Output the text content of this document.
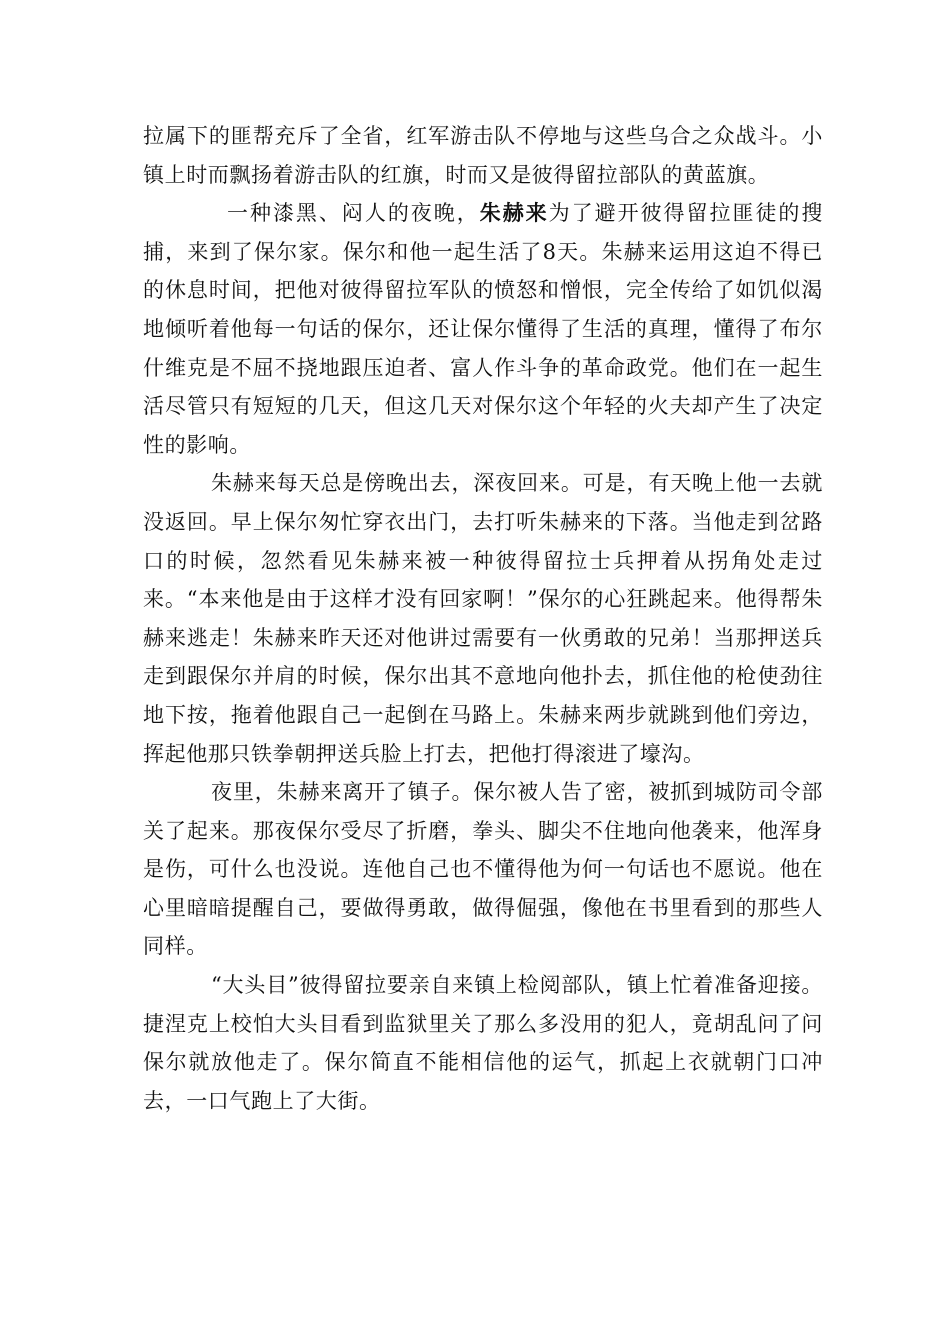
拉属下的匪帮充斥了全省，红军游击队不停地与这些乌合之众战斗。小镇上时而飘扬着游击队的红旗，时而又是彼得留拉部队的黄蓝旗。

一种漆黑、闷人的夜晚，朱赫来为了避开彼得留拉匪徒的搜捕，来到了保尔家。保尔和他一起生活了8天。朱赫来运用这迫不得已的休息时间，把他对彼得留拉军队的愤怒和憎恨，完全传给了如饥似渴地倾听着他每一句话的保尔，还让保尔懂得了生活的真理，懂得了布尔什维克是不屈不挠地跟压迫者、富人作斗争的革命政党。他们在一起生活尽管只有短短的几天，但这几天对保尔这个年轻的火夫却产生了决定性的影响。

朱赫来每天总是傍晚出去，深夜回来。可是，有天晚上他一去就没返回。早上保尔匆忙穿衣出门，去打听朱赫来的下落。当他走到岔路口的时候，忽然看见朱赫来被一种彼得留拉士兵押着从拐角处走过来。“本来他是由于这样才没有回家啊！”保尔的心狂跳起来。他得帮朱赫来逃走！朱赫来昨天还对他讲过需要有一伙勇敢的兄弟！当那押送兵走到跟保尔并肩的时候，保尔出其不意地向他扑去，抓住他的枪使劲往地下按，拖着他跟自己一起倒在马路上。朱赫来两步就跳到他们旁边，挥起他那只铁拳朝押送兵脸上打去，把他打得滚进了壕沟。

夜里，朱赫来离开了镇子。保尔被人告了密，被抓到城防司令部关了起来。那夜保尔受尽了折磨，拳头、脚尖不住地向他袭来，他浑身是伤，可什么也没说。连他自己也不懂得他为何一句话也不愿说。他在心里暗暗提醒自己，要做得勇敢，做得倔强，像他在书里看到的那些人同样。

“大头目”彼得留拉要亲自来镇上检阅部队，镇上忙着准备迎接。捷涅克上校怕大头目看到监狱里关了那么多没用的犯人，竟胡乱问了问保尔就放他走了。保尔简直不能相信他的运气，抓起上衣就朝门口冲去，一口气跑上了大街。
